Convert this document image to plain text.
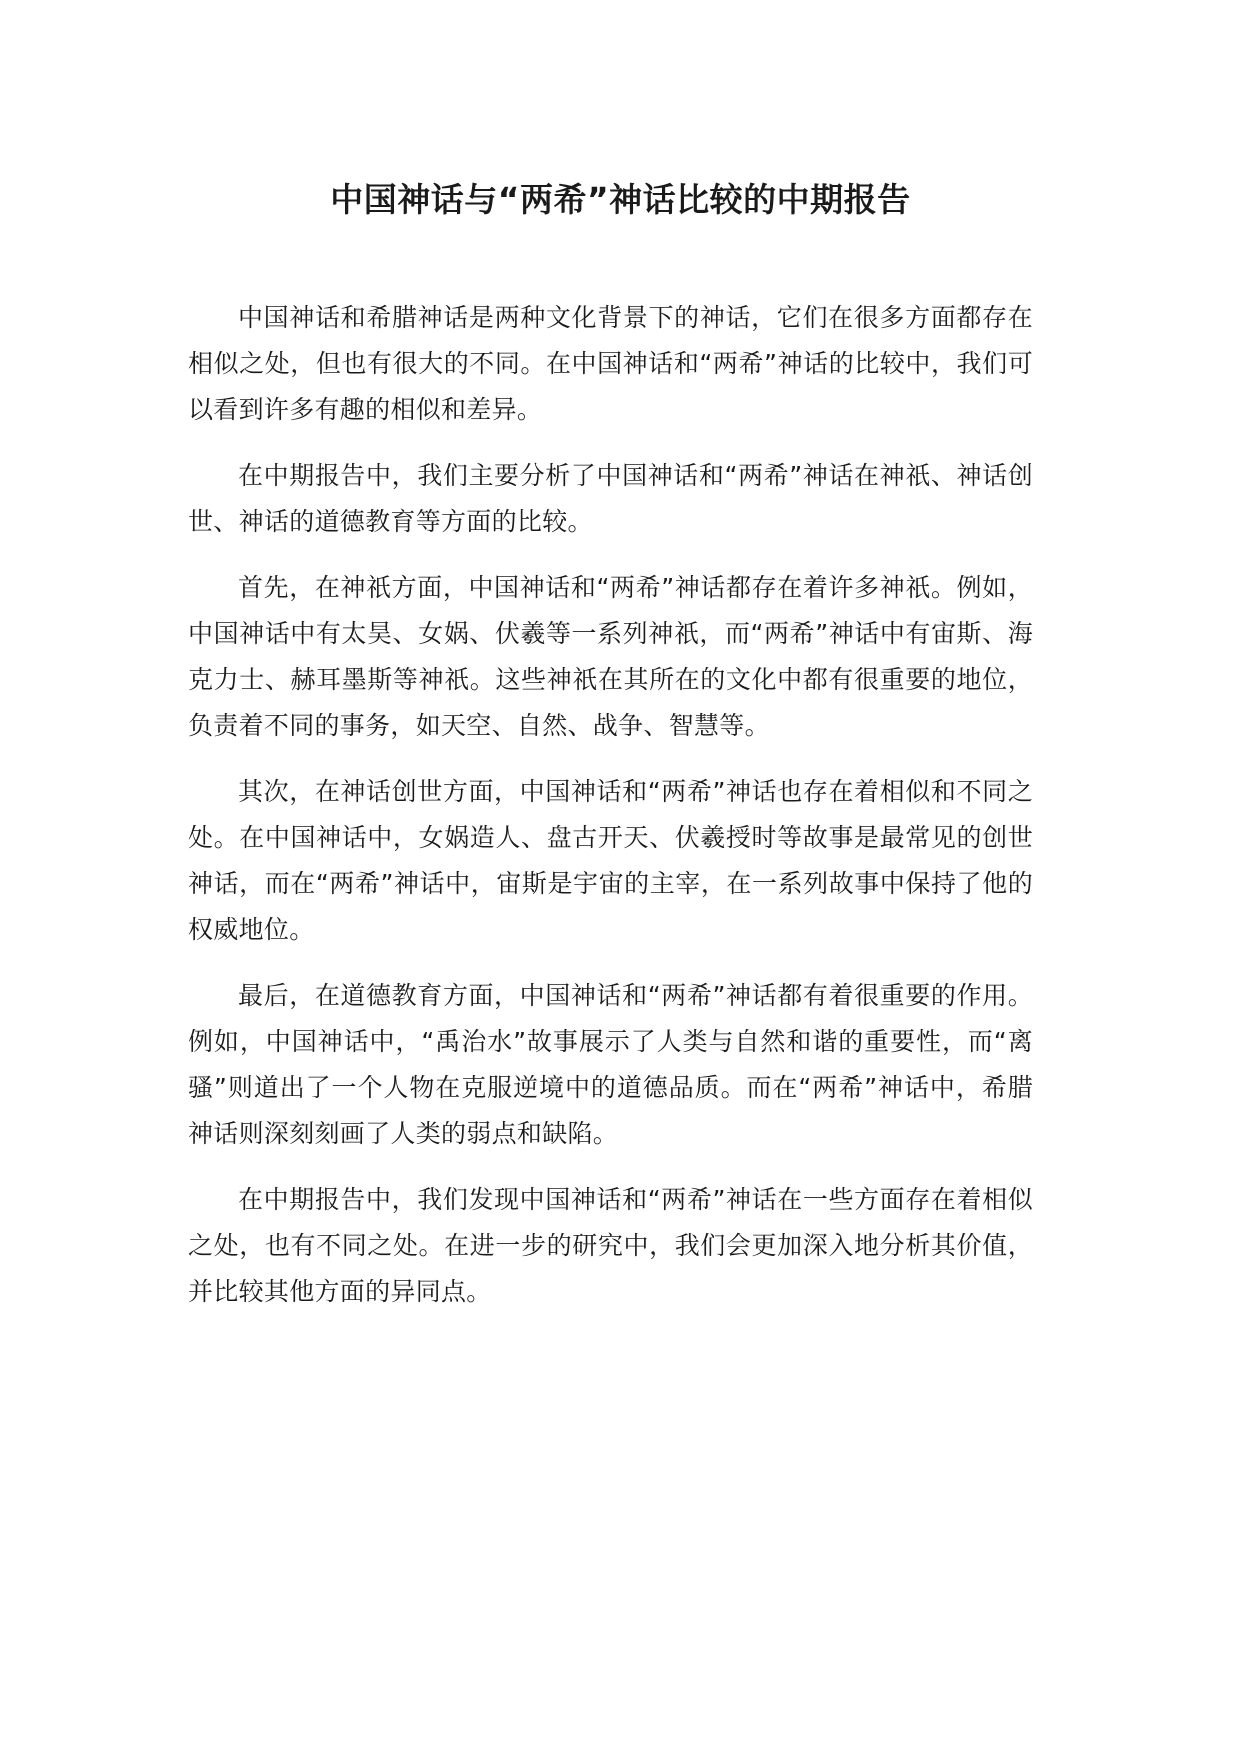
中国神话与“两希”神话比较的中期报告

中国神话和希腊神话是两种文化背景下的神话，它们在很多方面都存在相似之处，但也有很大的不同。在中国神话和“两希”神话的比较中，我们可以看到许多有趣的相似和差异。

在中期报告中，我们主要分析了中国神话和“两希”神话在神祇、神话创世、神话的道德教育等方面的比较。

首先，在神祇方面，中国神话和“两希”神话都存在着许多神祇。例如，中国神话中有太昊、女娲、伏羲等一系列神祇，而“两希”神话中有宙斯、海克力士、赫耳墨斯等神祇。这些神祇在其所在的文化中都有很重要的地位，负责着不同的事务，如天空、自然、战争、智慧等。

其次，在神话创世方面，中国神话和“两希”神话也存在着相似和不同之处。在中国神话中，女娲造人、盘古开天、伏羲授时等故事是最常见的创世神话，而在“两希”神话中，宙斯是宇宙的主宰，在一系列故事中保持了他的权威地位。

最后，在道德教育方面，中国神话和“两希”神话都有着很重要的作用。例如，中国神话中，“禹治水”故事展示了人类与自然和谐的重要性，而“离骚”则道出了一个人物在克服逆境中的道德品质。而在“两希”神话中，希腊神话则深刻刻画了人类的弱点和缺陷。

在中期报告中，我们发现中国神话和“两希”神话在一些方面存在着相似之处，也有不同之处。在进一步的研究中，我们会更加深入地分析其价值，并比较其他方面的异同点。
